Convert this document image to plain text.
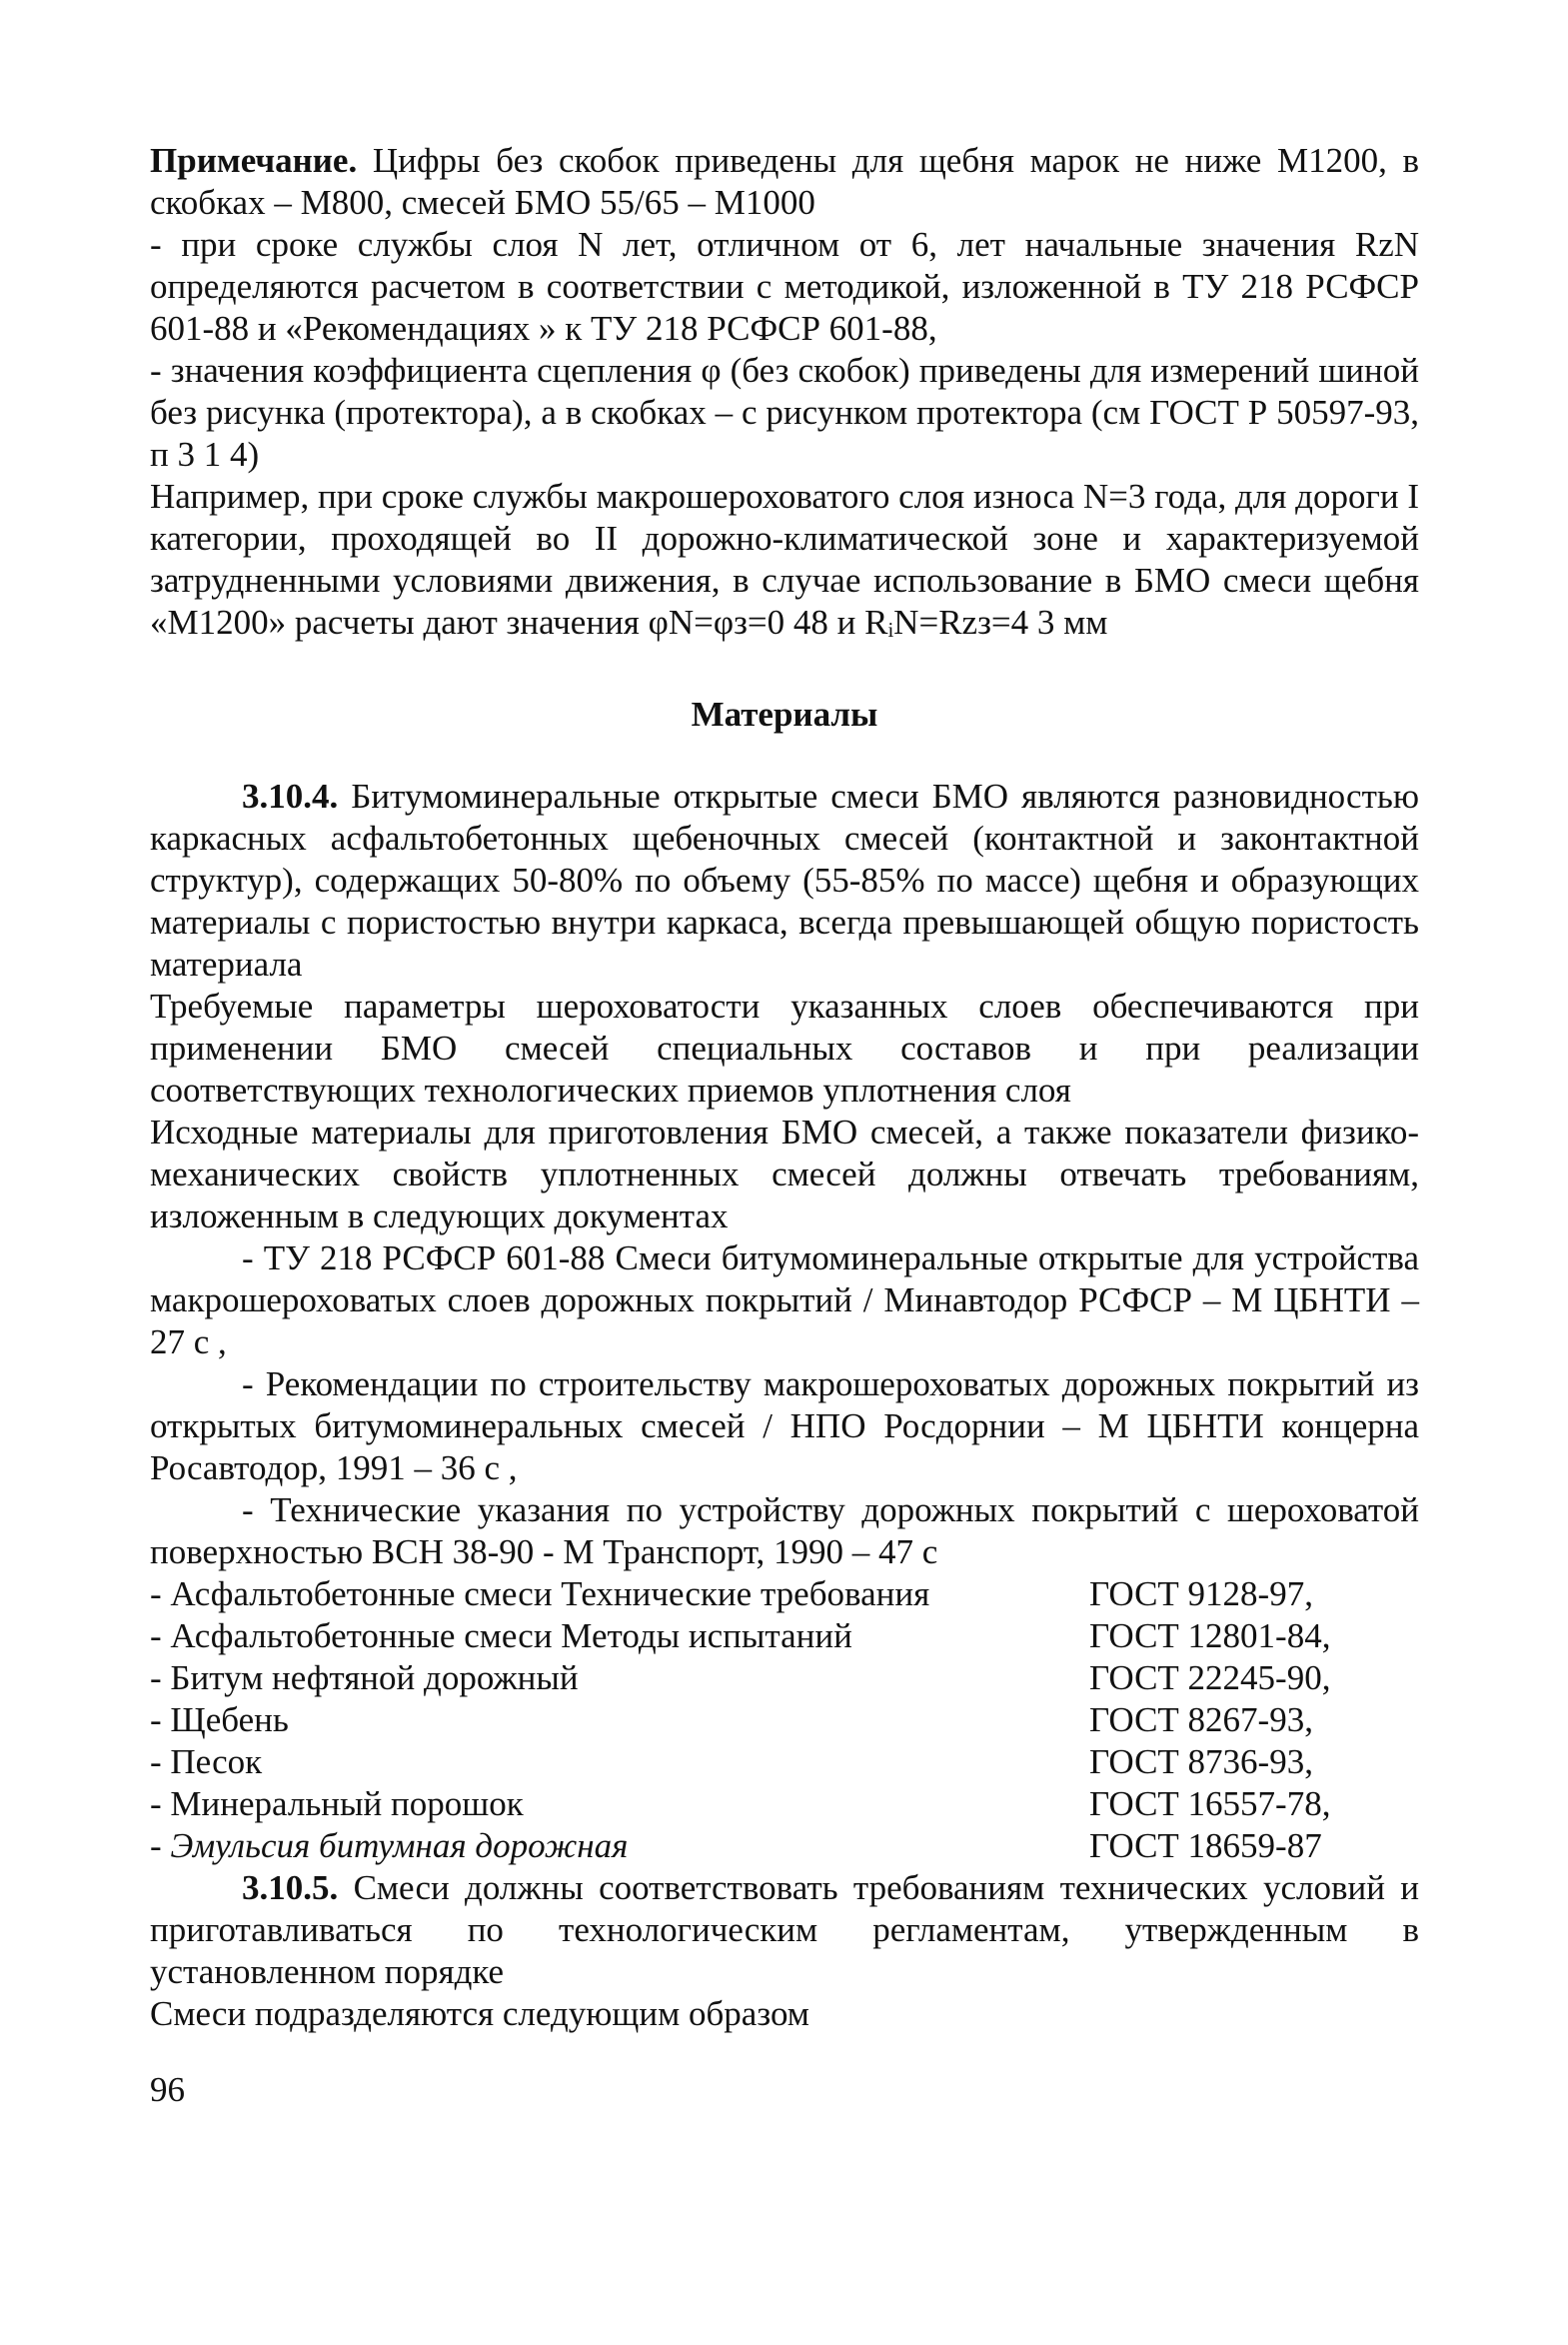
Примечание. Цифры без скобок приведены для щебня марок не ниже М1200, в скобках – М800, смесей БМО 55/65 – М1000

- при сроке службы слоя N лет, отличном от 6, лет начальные значения RzN определяются расчетом в соответствии с методикой, изложенной в ТУ 218 РСФСР 601-88 и «Рекомендациях » к ТУ 218 РСФСР 601-88,

- значения коэффициента сцепления φ (без скобок) приведены для измерений шиной без рисунка (протектора), а в скобках – с рисунком протектора (см ГОСТ Р 50597-93, п 3 1 4)

Например, при сроке службы макрошероховатого слоя износа N=3 года, для дороги I категории, проходящей во II дорожно-климатической зоне и характеризуемой затрудненными условиями движения, в случае использование в БМО смеси щебня «М1200» расчеты дают значения φN=φз=0 48 и RᵢN=Rzз=4 3 мм

Материалы

3.10.4. Битумоминеральные открытые смеси БМО являются разновидностью каркасных асфальтобетонных щебеночных смесей (контактной и законтактной структур), содержащих 50-80% по объему (55-85% по массе) щебня и образующих материалы с пористостью внутри каркаса, всегда превышающей общую пористость материала

Требуемые параметры шероховатости указанных слоев обеспечиваются при применении БМО смесей специальных составов и при реализации соответствующих технологических приемов уплотнения слоя

Исходные материалы для приготовления БМО смесей, а также показатели физико-механических свойств уплотненных смесей должны отвечать требованиям, изложенным в следующих документах

- ТУ 218 РСФСР 601-88 Смеси битумоминеральные открытые для устройства макрошероховатых слоев дорожных покрытий / Минавтодор РСФСР – М ЦБНТИ – 27 с ,

- Рекомендации по строительству макрошероховатых дорожных покрытий из открытых битумоминеральных смесей / НПО Росдорнии – М ЦБНТИ концерна Росавтодор, 1991 – 36 с ,

- Технические указания по устройству дорожных покрытий с шероховатой поверхностью ВСН 38-90 - М Транспорт, 1990 – 47 с

- Асфальтобетонные смеси Технические требования	ГОСТ 9128-97,
- Асфальтобетонные смеси Методы испытаний	ГОСТ 12801-84,
- Битум нефтяной дорожный	ГОСТ 22245-90,
- Щебень	ГОСТ 8267-93,
- Песок	ГОСТ 8736-93,
- Минеральный порошок	ГОСТ 16557-78,
- Эмульсия битумная дорожная	ГОСТ 18659-87

3.10.5. Смеси должны соответствовать требованиям технических условий и приготавливаться по технологическим регламентам, утвержденным в установленном порядке

Смеси подразделяются следующим образом

96
